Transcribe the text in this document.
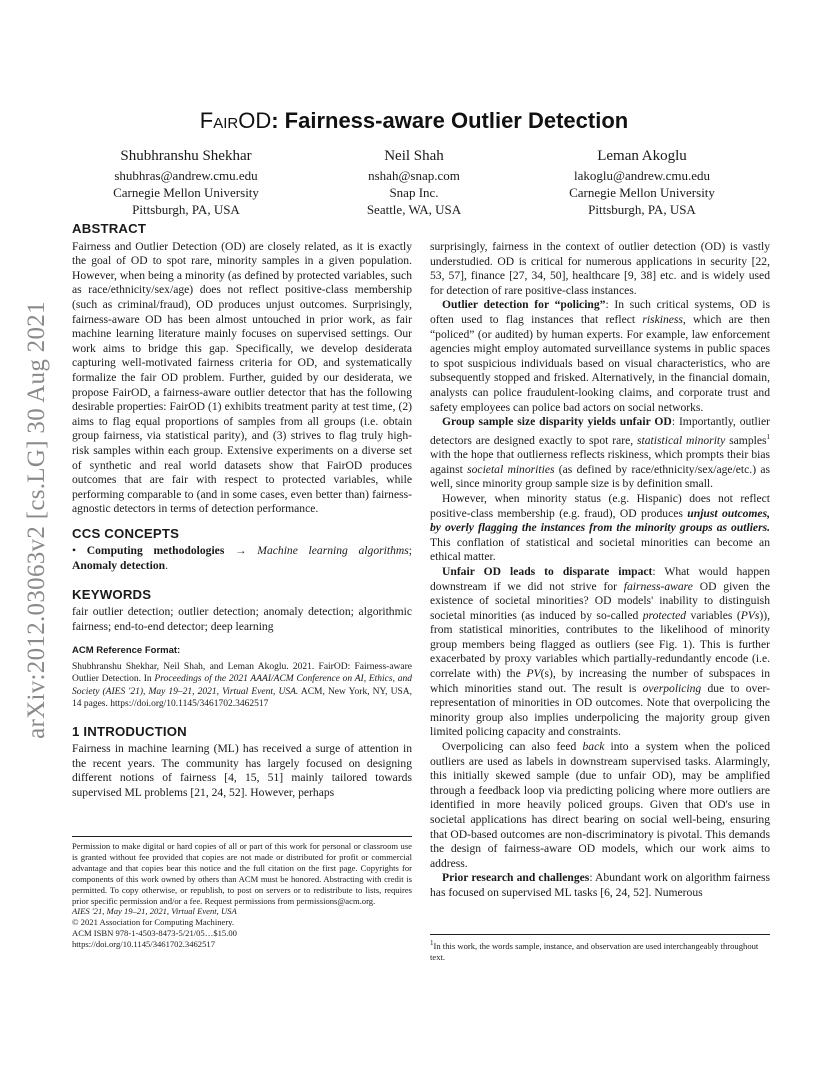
arXiv:2012.03063v2 [cs.LG] 30 Aug 2021
FairOD: Fairness-aware Outlier Detection
Shubhranshu Shekhar
shubhras@andrew.cmu.edu
Carnegie Mellon University
Pittsburgh, PA, USA
Neil Shah
nshah@snap.com
Snap Inc.
Seattle, WA, USA
Leman Akoglu
lakoglu@andrew.cmu.edu
Carnegie Mellon University
Pittsburgh, PA, USA
ABSTRACT

Fairness and Outlier Detection (OD) are closely related, as it is exactly the goal of OD to spot rare, minority samples in a given population. However, when being a minority (as defined by protected variables, such as race/ethnicity/sex/age) does not reflect positive-class membership (such as criminal/fraud), OD produces unjust outcomes. Surprisingly, fairness-aware OD has been almost untouched in prior work, as fair machine learning literature mainly focuses on supervised settings. Our work aims to bridge this gap. Specifically, we develop desiderata capturing well-motivated fairness criteria for OD, and systematically formalize the fair OD problem. Further, guided by our desiderata, we propose FairOD, a fairness-aware outlier detector that has the following desirable properties: FairOD (1) exhibits treatment parity at test time, (2) aims to flag equal proportions of samples from all groups (i.e. obtain group fairness, via statistical parity), and (3) strives to flag truly high-risk samples within each group. Extensive experiments on a diverse set of synthetic and real world datasets show that FairOD produces outcomes that are fair with respect to protected variables, while performing comparable to (and in some cases, even better than) fairness-agnostic detectors in terms of detection performance.

CCS CONCEPTS

• Computing methodologies → Machine learning algorithms; Anomaly detection.

KEYWORDS

fair outlier detection; outlier detection; anomaly detection; algorithmic fairness; end-to-end detector; deep learning

ACM Reference Format:

Shubhranshu Shekhar, Neil Shah, and Leman Akoglu. 2021. FairOD: Fairness-aware Outlier Detection. In Proceedings of the 2021 AAAI/ACM Conference on AI, Ethics, and Society (AIES '21), May 19–21, 2021, Virtual Event, USA. ACM, New York, NY, USA, 14 pages. https://doi.org/10.1145/3461702.3462517

1 INTRODUCTION

Fairness in machine learning (ML) has received a surge of attention in the recent years. The community has largely focused on designing different notions of fairness [4, 15, 51] mainly tailored towards supervised ML problems [21, 24, 52]. However, perhaps

Permission to make digital or hard copies of all or part of this work for personal or classroom use is granted without fee provided that copies are not made or distributed for profit or commercial advantage and that copies bear this notice and the full citation on the first page. Copyrights for components of this work owned by others than ACM must be honored. Abstracting with credit is permitted. To copy otherwise, or republish, to post on servers or to redistribute to lists, requires prior specific permission and/or a fee. Request permissions from permissions@acm.org.

AIES '21, May 19–21, 2021, Virtual Event, USA

© 2021 Association for Computing Machinery.

ACM ISBN 978-1-4503-8473-5/21/05…$15.00

https://doi.org/10.1145/3461702.3462517

surprisingly, fairness in the context of outlier detection (OD) is vastly understudied. OD is critical for numerous applications in security [22, 53, 57], finance [27, 34, 50], healthcare [9, 38] etc. and is widely used for detection of rare positive-class instances.

Outlier detection for “policing”: In such critical systems, OD is often used to flag instances that reflect riskiness, which are then “policed” (or audited) by human experts. For example, law enforcement agencies might employ automated surveillance systems in public spaces to spot suspicious individuals based on visual characteristics, who are subsequently stopped and frisked. Alternatively, in the financial domain, analysts can police fraudulent-looking claims, and corporate trust and safety employees can police bad actors on social networks.

Group sample size disparity yields unfair OD: Importantly, outlier detectors are designed exactly to spot rare, statistical minority samples$^1$ with the hope that outlierness reflects riskiness, which prompts their bias against societal minorities (as defined by race/ethnicity/sex/age/etc.) as well, since minority group sample size is by definition small.

However, when minority status (e.g. Hispanic) does not reflect positive-class membership (e.g. fraud), OD produces unjust outcomes, by overly flagging the instances from the minority groups as outliers. This conflation of statistical and societal minorities can become an ethical matter.

Unfair OD leads to disparate impact: What would happen downstream if we did not strive for fairness-aware OD given the existence of societal minorities? OD models' inability to distinguish societal minorities (as induced by so-called protected variables (PVs)), from statistical minorities, contributes to the likelihood of minority group members being flagged as outliers (see Fig. 1). This is further exacerbated by proxy variables which partially-redundantly encode (i.e. correlate with) the PV(s), by increasing the number of subspaces in which minorities stand out. The result is overpolicing due to over-representation of minorities in OD outcomes. Note that overpolicing the minority group also implies underpolicing the majority group given limited policing capacity and constraints.

Overpolicing can also feed back into a system when the policed outliers are used as labels in downstream supervised tasks. Alarmingly, this initially skewed sample (due to unfair OD), may be amplified through a feedback loop via predicting policing where more outliers are identified in more heavily policed groups. Given that OD's use in societal applications has direct bearing on social well-being, ensuring that OD-based outcomes are non-discriminatory is pivotal. This demands the design of fairness-aware OD models, which our work aims to address.

Prior research and challenges: Abundant work on algorithm fairness has focused on supervised ML tasks [6, 24, 52]. Numerous

$^1$In this work, the words sample, instance, and observation are used interchangeably throughout text.
